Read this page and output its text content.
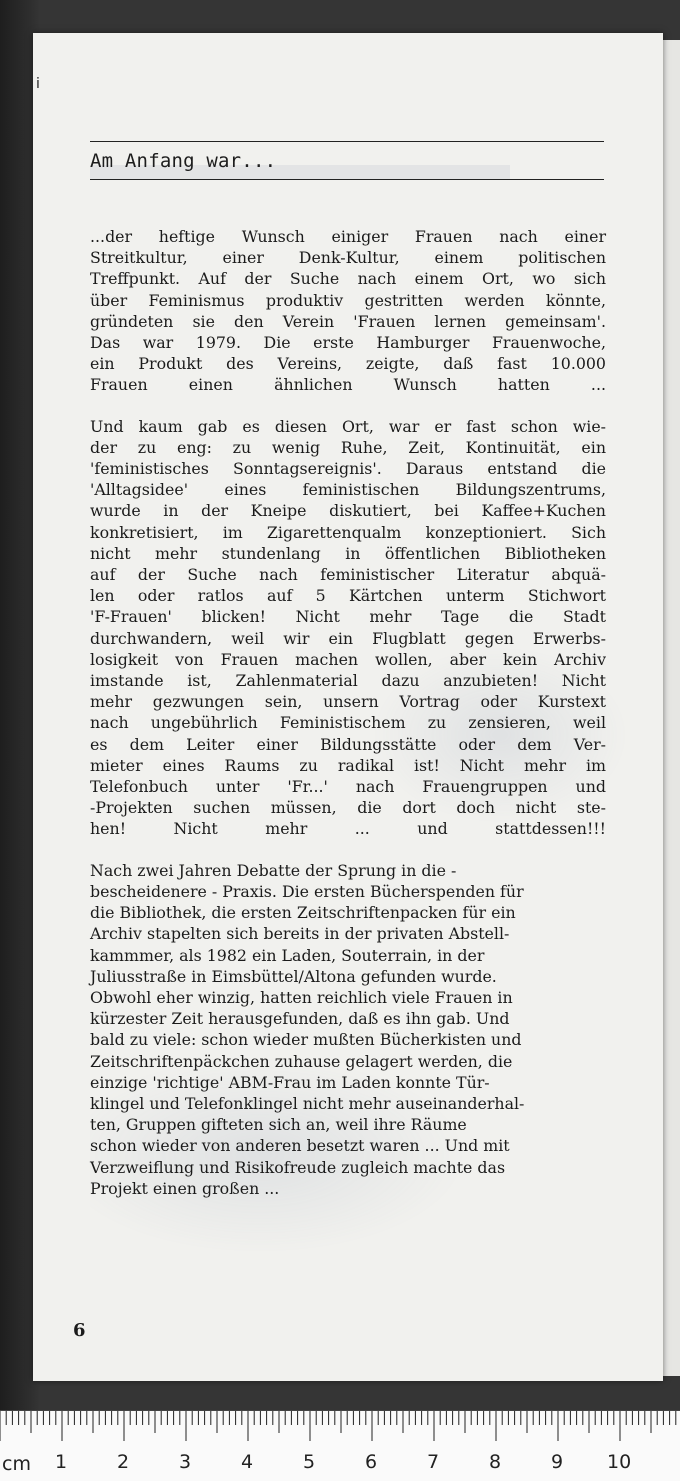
i
Am Anfang war...

...der heftige Wunsch einiger Frauen nach einer
Streitkultur, einer Denk-Kultur, einem politischen
Treffpunkt. Auf der Suche nach einem Ort, wo sich
über Feminismus produktiv gestritten werden könnte,
gründeten sie den Verein 'Frauen lernen gemeinsam'.
Das war 1979. Die erste Hamburger Frauenwoche,
ein Produkt des Vereins, zeigte, daß fast 10.000
Frauen einen ähnlichen Wunsch hatten ...

Und kaum gab es diesen Ort, war er fast schon wie-
der zu eng: zu wenig Ruhe, Zeit, Kontinuität, ein
'feministisches Sonntagsereignis'. Daraus entstand die
'Alltagsidee' eines feministischen Bildungszentrums,
wurde in der Kneipe diskutiert, bei Kaffee+Kuchen
konkretisiert, im Zigarettenqualm konzeptioniert. Sich
nicht mehr stundenlang in öffentlichen Bibliotheken
auf der Suche nach feministischer Literatur abquä-
len oder ratlos auf 5 Kärtchen unterm Stichwort
'F-Frauen' blicken! Nicht mehr Tage die Stadt
durchwandern, weil wir ein Flugblatt gegen Erwerbs-
losigkeit von Frauen machen wollen, aber kein Archiv
imstande ist, Zahlenmaterial dazu anzubieten! Nicht
mehr gezwungen sein, unsern Vortrag oder Kurstext
nach ungebührlich Feministischem zu zensieren, weil
es dem Leiter einer Bildungsstätte oder dem Ver-
mieter eines Raums zu radikal ist! Nicht mehr im
Telefonbuch unter 'Fr...' nach Frauengruppen und
-Projekten suchen müssen, die dort doch nicht ste-
hen! Nicht mehr ... und stattdessen!!!

Nach zwei Jahren Debatte der Sprung in die -
bescheidenere - Praxis. Die ersten Bücherspenden für
die Bibliothek, die ersten Zeitschriftenpacken für ein
Archiv stapelten sich bereits in der privaten Abstell-
kammmer, als 1982 ein Laden, Souterrain, in der
Juliusstraße in Eimsbüttel/Altona gefunden wurde.
Obwohl eher winzig, hatten reichlich viele Frauen in
kürzester Zeit herausgefunden, daß es ihn gab. Und
bald zu viele: schon wieder mußten Bücherkisten und
Zeitschriftenpäckchen zuhause gelagert werden, die
einzige 'richtige' ABM-Frau im Laden konnte Tür-
klingel und Telefonklingel nicht mehr auseinanderhal-
ten, Gruppen gifteten sich an, weil ihre Räume
schon wieder von anderen besetzt waren ... Und mit
Verzweiflung und Risikofreude zugleich machte das
Projekt einen großen ...

6
cm 1	2	3	4	5	6	7	8	9 10
